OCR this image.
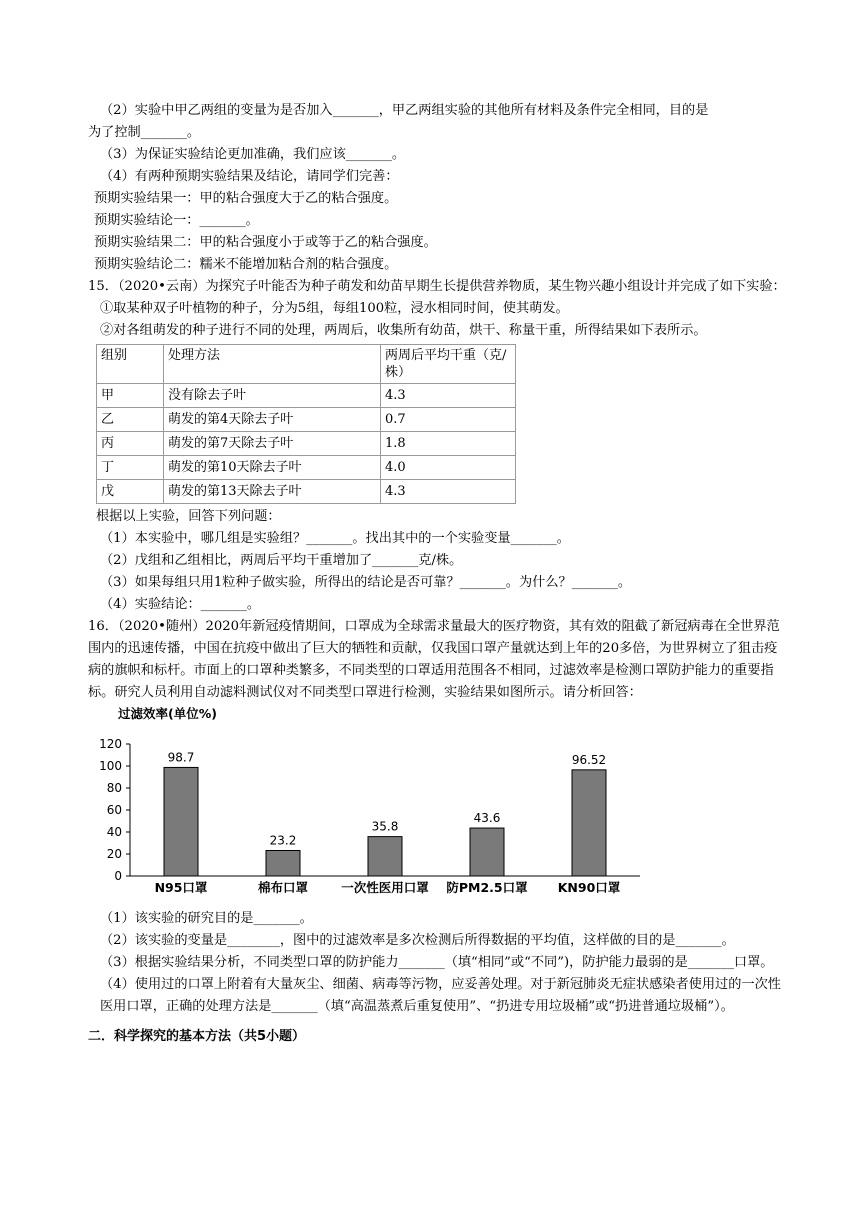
（2）实验中甲乙两组的变量为是否加入_______，甲乙两组实验的其他所有材料及条件完全相同，目的是

为了控制_______。

（3）为保证实验结论更加准确，我们应该_______。

（4）有两种预期实验结果及结论，请同学们完善：

预期实验结果一：甲的粘合强度大于乙的粘合强度。

预期实验结论一：_______。

预期实验结果二：甲的粘合强度小于或等于乙的粘合强度。

预期实验结论二：糯米不能增加粘合剂的粘合强度。

15．（2020•云南）为探究子叶能否为种子萌发和幼苗早期生长提供营养物质，某生物兴趣小组设计并完成了如下实验：

①取某种双子叶植物的种子，分为5组，每组100粒，浸水相同时间，使其萌发。

②对各组萌发的种子进行不同的处理，两周后，收集所有幼苗，烘干、称量干重，所得结果如下表所示。

组别	处理方法	两周后平均干重（克/株）
甲	没有除去子叶	4.3
乙	萌发的第4天除去子叶	0.7
丙	萌发的第7天除去子叶	1.8
丁	萌发的第10天除去子叶	4.0
戊	萌发的第13天除去子叶	4.3

根据以上实验，回答下列问题：

（1）本实验中，哪几组是实验组？_______。找出其中的一个实验变量_______。

（2）戊组和乙组相比，两周后平均干重增加了_______克/株。

（3）如果每组只用1粒种子做实验，所得出的结论是否可靠？_______。为什么？_______。

（4）实验结论：_______。

16．（2020•随州）2020年新冠疫情期间，口罩成为全球需求量最大的医疗物资，其有效的阻截了新冠病毒在全世界范围内的迅速传播，中国在抗疫中做出了巨大的牺牲和贡献，仅我国口罩产量就达到上年的20多倍，为世界树立了狙击疫病的旗帜和标杆。市面上的口罩种类繁多，不同类型的口罩适用范围各不相同，过滤效率是检测口罩防护能力的重要指标。研究人员利用自动滤料测试仪对不同类型口罩进行检测，实验结果如图所示。请分析回答：

过滤效率(单位%)
0
20
40
60
80
100
120
98.7
N95口罩
23.2
棉布口罩
35.8
一次性医用口罩
43.6
防PM2.5口罩
96.52
KN90口罩

（1）该实验的研究目的是_______。

（2）该实验的变量是________，图中的过滤效率是多次检测后所得数据的平均值，这样做的目的是_______。

（3）根据实验结果分析，不同类型口罩的防护能力_______（填“相同”或“不同”)，防护能力最弱的是_______口罩。

（4）使用过的口罩上附着有大量灰尘、细菌、病毒等污物，应妥善处理。对于新冠肺炎无症状感染者使用过的一次性医用口罩，正确的处理方法是_______（填“高温蒸煮后重复使用”、“扔进专用垃圾桶”或“扔进普通垃圾桶”）。

二．科学探究的基本方法（共5小题）
